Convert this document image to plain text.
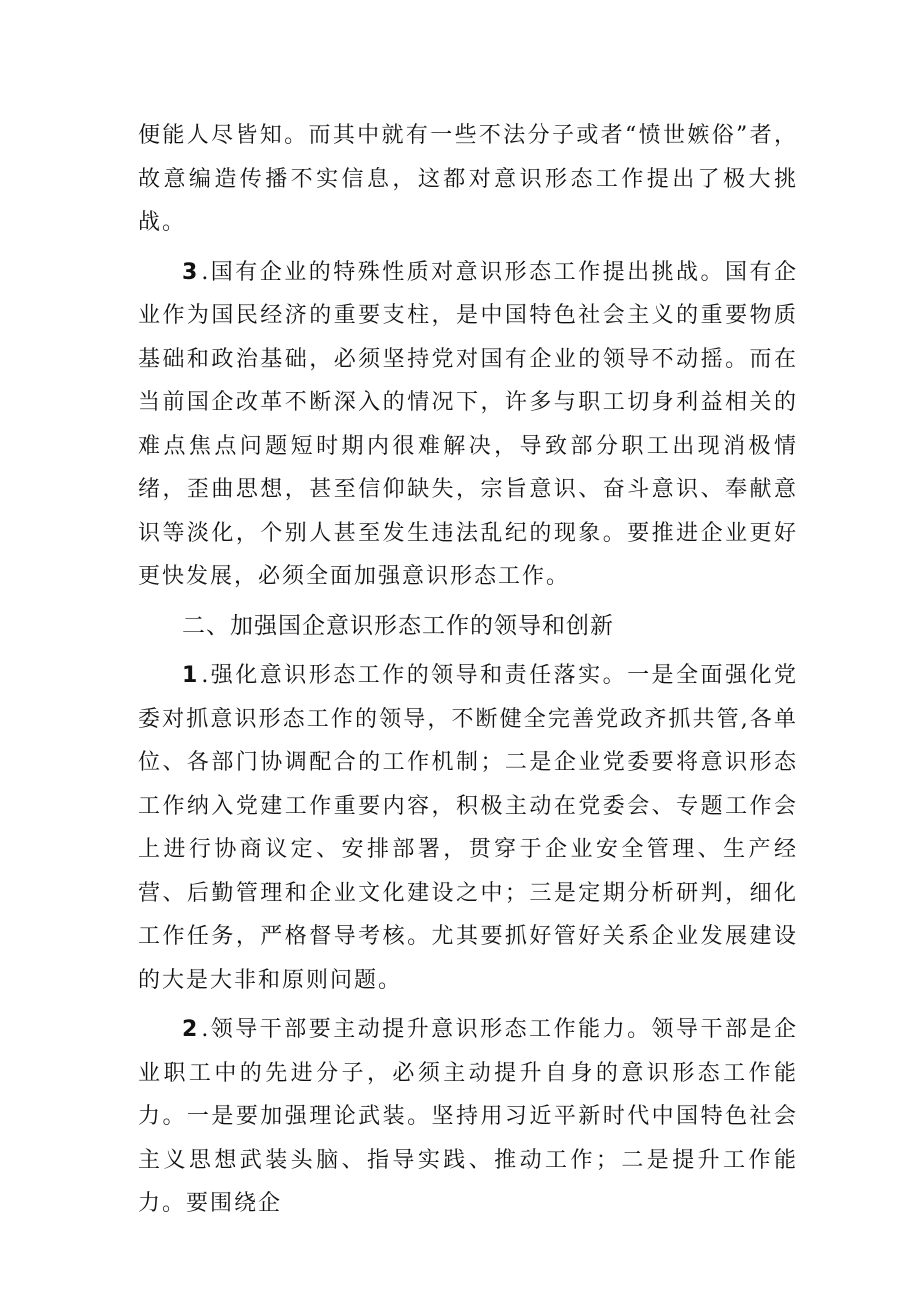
便能人尽皆知。而其中就有一些不法分子或者“愤世嫉俗”者，故意编造传播不实信息，这都对意识形态工作提出了极大挑战。

3 .国有企业的特殊性质对意识形态工作提出挑战。国有企业作为国民经济的重要支柱，是中国特色社会主义的重要物质基础和政治基础，必须坚持党对国有企业的领导不动摇。而在当前国企改革不断深入的情况下，许多与职工切身利益相关的难点焦点问题短时期内很难解决，导致部分职工出现消极情绪，歪曲思想，甚至信仰缺失，宗旨意识、奋斗意识、奉献意识等淡化，个别人甚至发生违法乱纪的现象。要推进企业更好更快发展，必须全面加强意识形态工作。

二、加强国企意识形态工作的领导和创新

1 .强化意识形态工作的领导和责任落实。一是全面强化党委对抓意识形态工作的领导，不断健全完善党政齐抓共管,各单位、各部门协调配合的工作机制；二是企业党委要将意识形态工作纳入党建工作重要内容，积极主动在党委会、专题工作会上进行协商议定、安排部署，贯穿于企业安全管理、生产经营、后勤管理和企业文化建设之中；三是定期分析研判，细化工作任务，严格督导考核。尤其要抓好管好关系企业发展建设的大是大非和原则问题。

2 .领导干部要主动提升意识形态工作能力。领导干部是企业职工中的先进分子，必须主动提升自身的意识形态工作能力。一是要加强理论武装。坚持用习近平新时代中国特色社会主义思想武装头脑、指导实践、推动工作；二是提升工作能力。要围绕企
